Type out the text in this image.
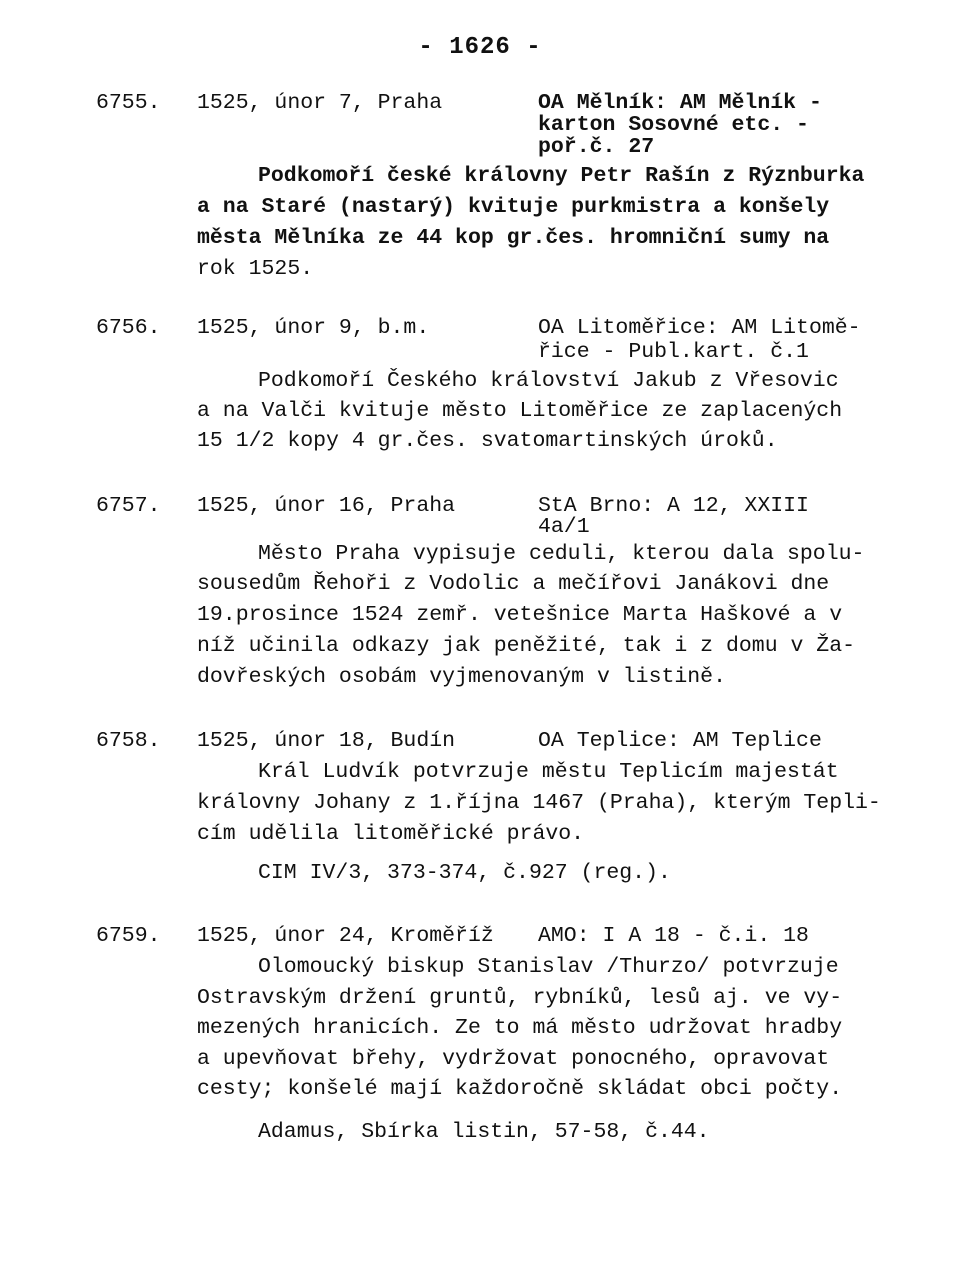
- 1626 -
6755. 1525, únor 7, Praha	OA Mělník: AM Mělník -
karton Sosovné etc. -
poř.č. 27
Podkomoří české královny Petr Rašín z Rýznburka
a na Staré (nastarý) kvituje purkmistra a konšely
města Mělníka ze 44 kop gr.čes. hromniční sumy na
rok 1525.
6756. 1525, únor 9, b.m.	OA Litoměřice: AM Litomě-
řice - Publ.kart. č.1
Podkomoří Českého království Jakub z Vřesovic
a na Valči kvituje město Litoměřice ze zaplacených
15 1/2 kopy 4 gr.čes. svatomartinských úroků.
6757. 1525, únor 16, Praha	StA Brno: A 12, XXIII
4a/1
Město Praha vypisuje ceduli, kterou dala spolu-
sousedům Řehoři z Vodolic a mečířovi Janákovi dne
19.prosince 1524 zemř. vetešnice Marta Haškové a v
níž učinila odkazy jak peněžité, tak i z domu v Ža-
dovřeských osobám vyjmenovaným v listině.
6758. 1525, únor 18, Budín	OA Teplice: AM Teplice
Král Ludvík potvrzuje městu Teplicím majestát
královny Johany z 1.října 1467 (Praha), kterým Tepli-
cím udělila litoměřické právo.
CIM IV/3, 373-374, č.927 (reg.).
6759. 1525, únor 24, Kroměříž AMO: I A 18 - č.i. 18
Olomoucký biskup Stanislav /Thurzo/ potvrzuje
Ostravským držení gruntů, rybníků, lesů aj. ve vy-
mezených hranicích. Ze to má město udržovat hradby
a upevňovat břehy, vydržovat ponocného, opravovat
cesty; konšelé mají každoročně skládat obci počty.
Adamus, Sbírka listin, 57-58, č.44.
